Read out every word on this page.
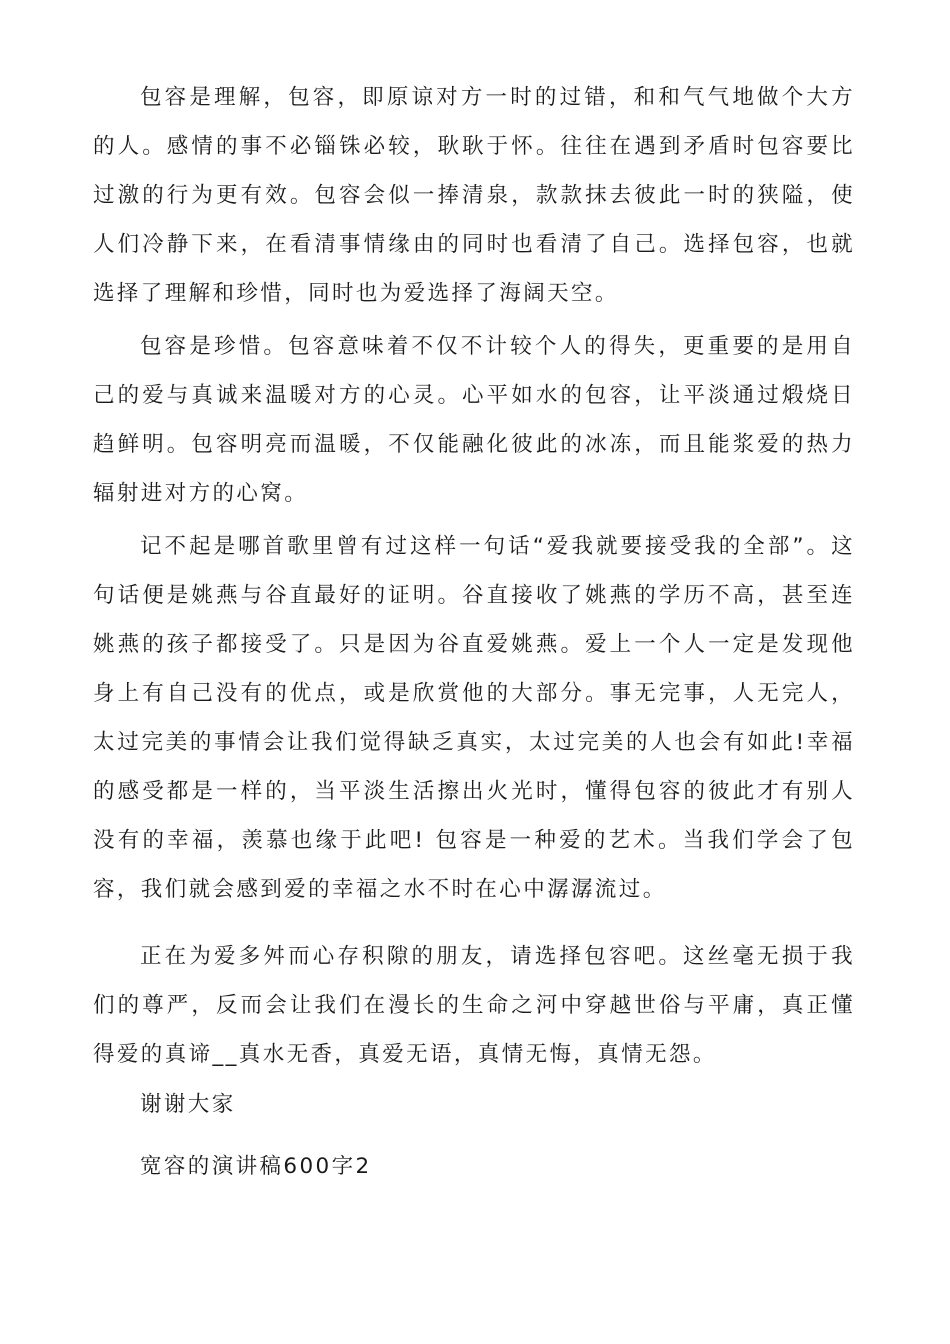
包容是理解，包容，即原谅对方一时的过错，和和气气地做个大方的人。感情的事不必锱铢必较，耿耿于怀。往往在遇到矛盾时包容要比过激的行为更有效。包容会似一捧清泉，款款抹去彼此一时的狭隘，使人们冷静下来，在看清事情缘由的同时也看清了自己。选择包容，也就选择了理解和珍惜，同时也为爱选择了海阔天空。

包容是珍惜。包容意味着不仅不计较个人的得失，更重要的是用自己的爱与真诚来温暖对方的心灵。心平如水的包容，让平淡通过煅烧日趋鲜明。包容明亮而温暖，不仅能融化彼此的冰冻，而且能浆爱的热力辐射进对方的心窝。

记不起是哪首歌里曾有过这样一句话“爱我就要接受我的全部”。这句话便是姚燕与谷直最好的证明。谷直接收了姚燕的学历不高，甚至连姚燕的孩子都接受了。只是因为谷直爱姚燕。爱上一个人一定是发现他身上有自己没有的优点，或是欣赏他的大部分。事无完事，人无完人，太过完美的事情会让我们觉得缺乏真实，太过完美的人也会有如此!幸福的感受都是一样的，当平淡生活擦出火光时，懂得包容的彼此才有别人没有的幸福，羡慕也缘于此吧! 包容是一种爱的艺术。当我们学会了包容，我们就会感到爱的幸福之水不时在心中潺潺流过。

正在为爱多舛而心存积隙的朋友，请选择包容吧。这丝毫无损于我们的尊严，反而会让我们在漫长的生命之河中穿越世俗与平庸，真正懂得爱的真谛__真水无香，真爱无语，真情无悔，真情无怨。

谢谢大家

宽容的演讲稿600字2
